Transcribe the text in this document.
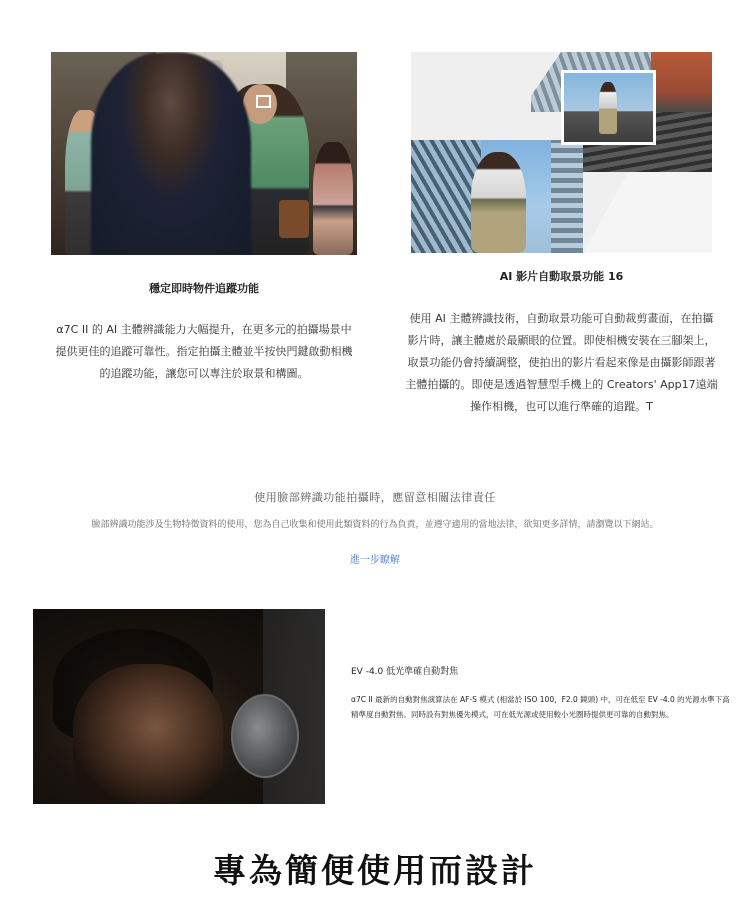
穩定即時物件追蹤功能
α7C II 的 AI 主體辨識能力大幅提升，在更多元的拍攝場景中提供更佳的追蹤可靠性。指定拍攝主體並半按快門鍵啟動相機的追蹤功能，讓您可以專注於取景和構圖。
AI 影片自動取景功能 16
使用 AI 主體辨識技術，自動取景功能可自動裁剪畫面，在拍攝影片時，讓主體處於最顯眼的位置。即使相機安裝在三腳架上，取景功能仍會持續調整，使拍出的影片看起來像是由攝影師跟著主體拍攝的。即使是透過智慧型手機上的 Creators' App17遠端操作相機，也可以進行準確的追蹤。T
使用臉部辨識功能拍攝時，應留意相關法律責任
臉部辨識功能涉及生物特徵資料的使用，您為自己收集和使用此類資料的行為負責，並遵守適用的當地法律，欲知更多詳情，請瀏覽以下網站。
進一步瞭解
EV -4.0 低光準確自動對焦
α7C II 最新的自動對焦演算法在 AF-S 模式 (相當於 ISO 100，F2.0 鏡頭) 中，可在低至 EV -4.0 的光源水準下高精準度自動對焦。同時設有對焦優先模式，可在低光源或使用較小光圈時提供更可靠的自動對焦。
專為簡便使用而設計
